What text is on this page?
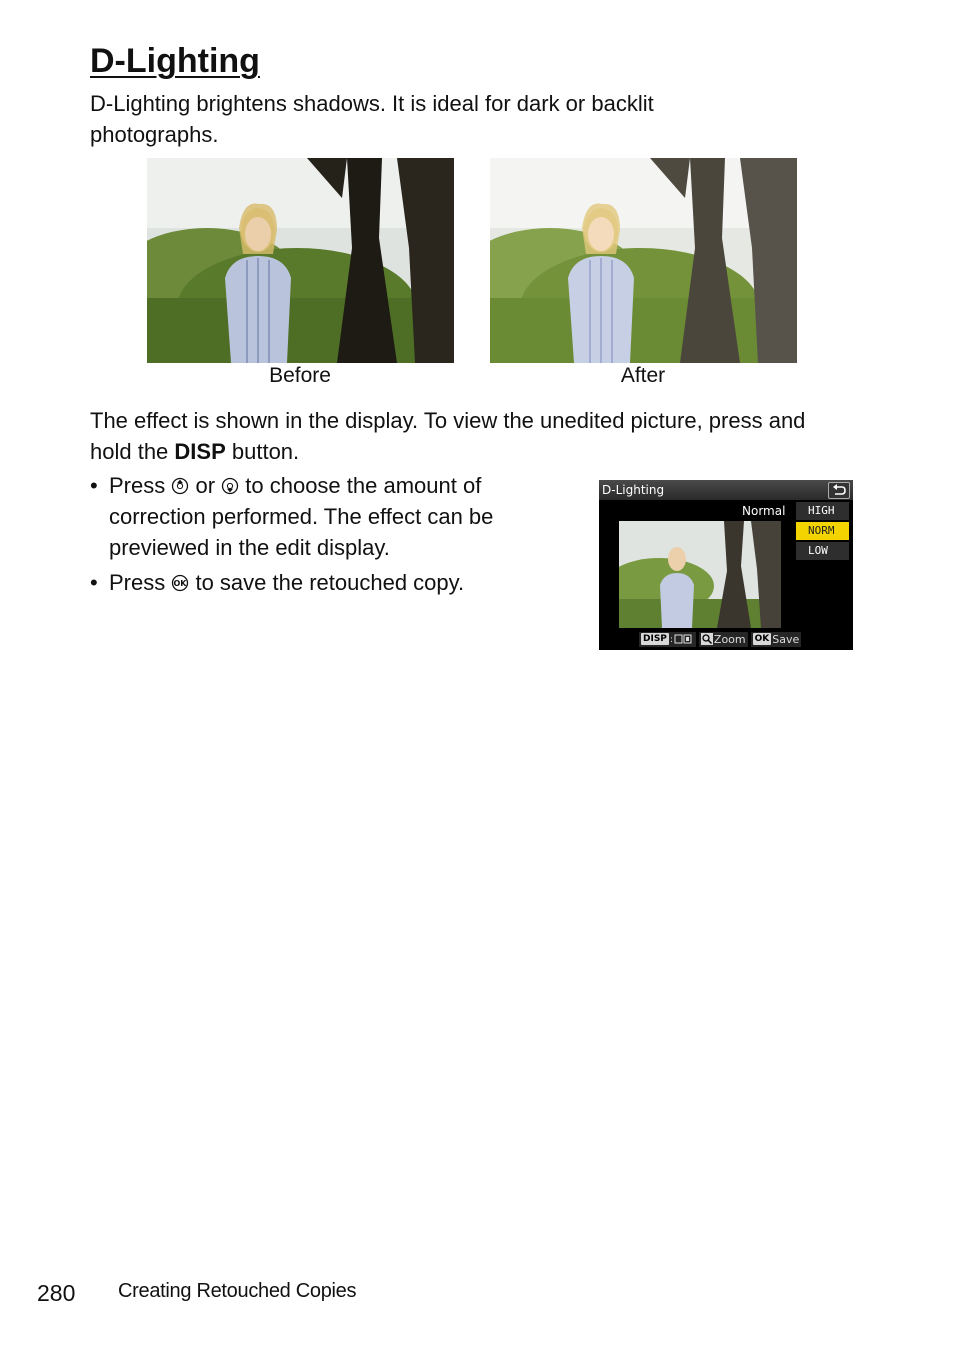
D-Lighting

D-Lighting brightens shadows. It is ideal for dark or backlit photographs.

Before	After

The effect is shown in the display. To view the unedited picture, press and hold the DISP button.

• Press  or  to choose the amount of correction performed. The effect can be previewed in the edit display.
• Press OK to save the retouched copy.
D-Lighting
Normal	HIGH
NORM
LOW
DISP :	Zoom OK Save
280 Creating Retouched Copies
